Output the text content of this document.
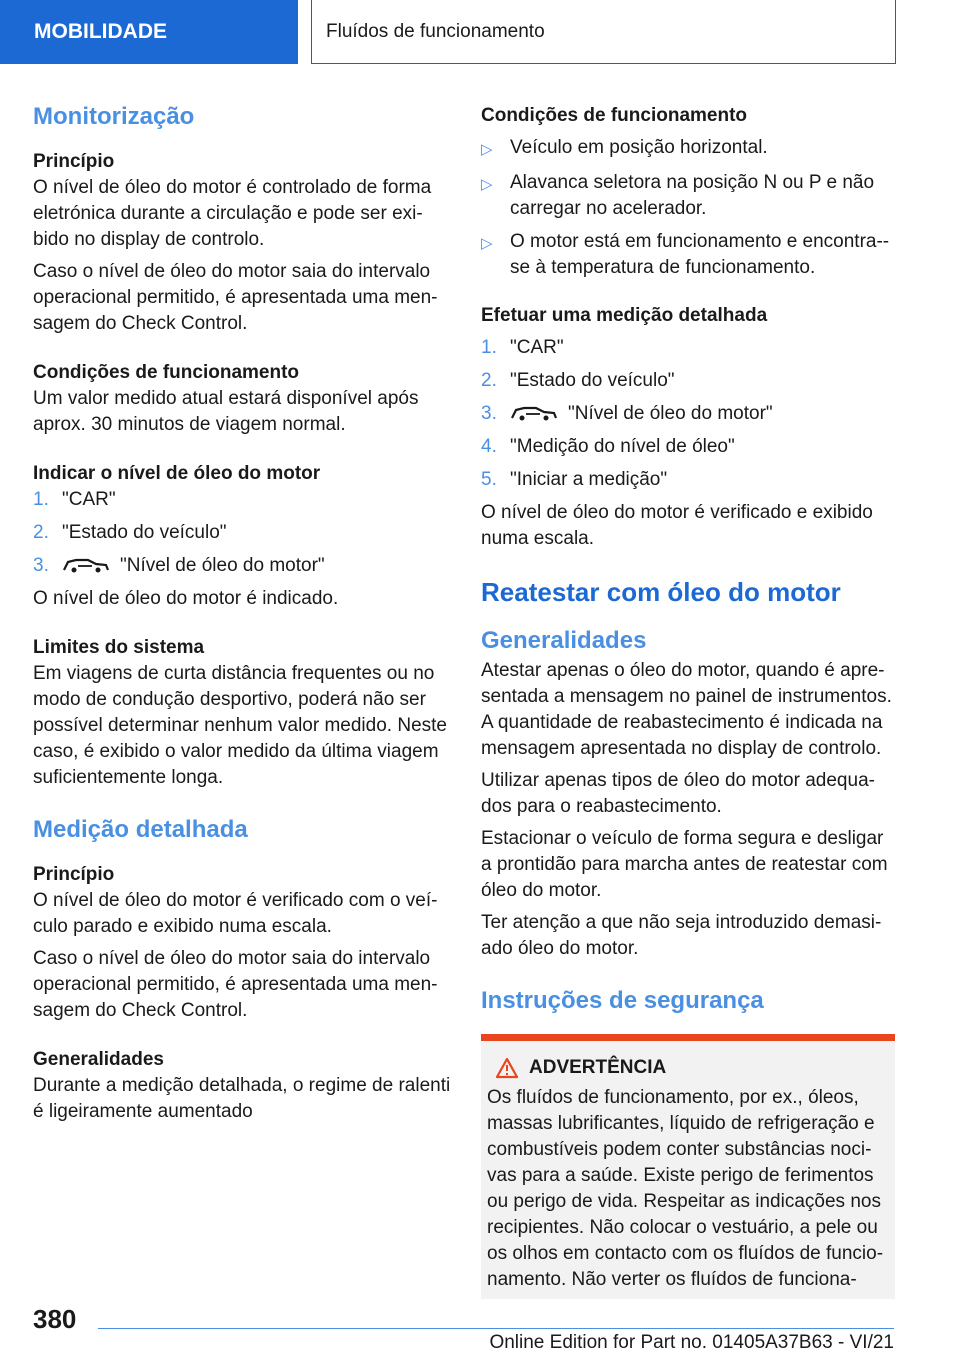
MOBILIDADE	Fluídos de funcionamento
Monitorização
Princípio

O nível de óleo do motor é controlado de forma eletrónica durante a circulação e pode ser exi-bido no display de controlo.

Caso o nível de óleo do motor saia do intervalo operacional permitido, é apresentada uma men-sagem do Check Control.

Condições de funcionamento

Um valor medido atual estará disponível após aprox. 30 minutos de viagem normal.

Indicar o nível de óleo do motor
1. "CAR"
2. "Estado do veículo"
3.	"Nível de óleo do motor"

O nível de óleo do motor é indicado.

Limites do sistema

Em viagens de curta distância frequentes ou no modo de condução desportivo, poderá não ser possível determinar nenhum valor medido. Neste caso, é exibido o valor medido da última viagem suficientemente longa.

Medição detalhada
Princípio

O nível de óleo do motor é verificado com o veí-culo parado e exibido numa escala.

Caso o nível de óleo do motor saia do intervalo operacional permitido, é apresentada uma men-sagem do Check Control.

Generalidades

Durante a medição detalhada, o regime de ralenti é ligeiramente aumentado

Condições de funcionamento
▷ Veículo em posição horizontal.
▷ Alavanca seletora na posição N ou P e não carregar no acelerador.
▷ O motor está em funcionamento e encontra--se à temperatura de funcionamento.
Efetuar uma medição detalhada
1. "CAR"
2. "Estado do veículo"
3.	"Nível de óleo do motor"
4. "Medição do nível de óleo"
5. "Iniciar a medição"

O nível de óleo do motor é verificado e exibido numa escala.

Reatestar com óleo do motor
Generalidades

Atestar apenas o óleo do motor, quando é apre-sentada a mensagem no painel de instrumentos. A quantidade de reabastecimento é indicada na mensagem apresentada no display de controlo.

Utilizar apenas tipos de óleo do motor adequa-dos para o reabastecimento.

Estacionar o veículo de forma segura e desligar a prontidão para marcha antes de reatestar com óleo do motor.

Ter atenção a que não seja introduzido demasi-ado óleo do motor.

Instruções de segurança
ADVERTÊNCIA

Os fluídos de funcionamento, por ex., óleos, massas lubrificantes, líquido de refrigeração e combustíveis podem conter substâncias noci-vas para a saúde. Existe perigo de ferimentos ou perigo de vida. Respeitar as indicações nos recipientes. Não colocar o vestuário, a pele ou os olhos em contacto com os fluídos de funcio-namento. Não verter os fluídos de funciona-

380
Online Edition for Part no. 01405A37B63 - VI/21
